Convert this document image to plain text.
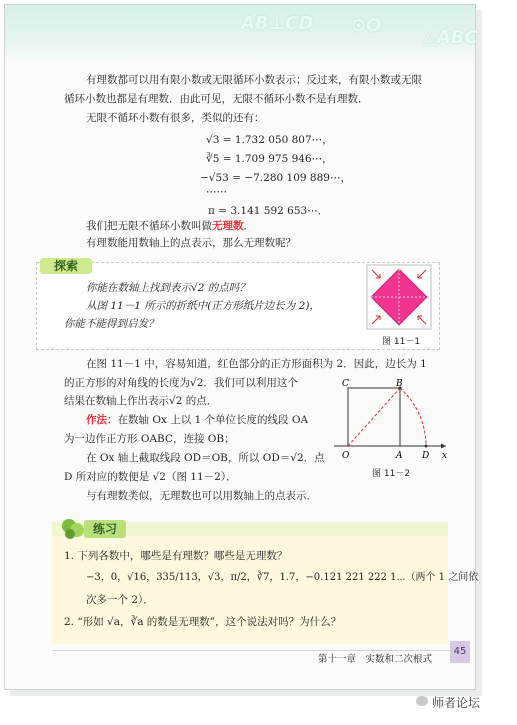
AB⊥CD ⊙O
△ABC
有理数都可以用有限小数或无限循环小数表示；反过来，有限小数或无限
循环小数也都是有理数．由此可见，无限不循环小数不是有理数．
无限不循环小数有很多，类似的还有：
√3 = 1.732 050 807⋯，
∛5 = 1.709 975 946⋯，
−√53 = −7.280 109 889⋯，
⋯⋯
π = 3.141 592 653⋯．
我们把无限不循环小数叫做无理数．
有理数能用数轴上的点表示，那么无理数呢？
探索
你能在数轴上找到表示√2 的点吗？
从图 11－1 所示的折纸中(正方形纸片边长为 2)，
你能不能得到启发？
图 11－1
在图 11－1 中，容易知道，红色部分的正方形面积为 2．因此，边长为 1
的正方形的对角线的长度为√2．我们可以利用这个
结果在数轴上作出表示√2 的点．
作法：在数轴 Ox 上以 1 个单位长度的线段 OA
为一边作正方形 OABC，连接 OB；
在 Ox 轴上截取线段 OD＝OB，所以 OD＝√2．点
D 所对应的数便是 √2（图 11－2）．
与有理数类似，无理数也可以用数轴上的点表示．
C	B
O	A D x
图 11－2
练习
1. 下列各数中，哪些是有理数？哪些是无理数？
−3，0，√16，335/113，√3，π/2，∛7，1.7，−0.121 221 222 1⋯（两个 1 之间依
次多一个 2）．
2. “形如 √a，∛a 的数是无理数”，这个说法对吗？为什么？
第十一章　实数和二次根式
45
师者论坛
